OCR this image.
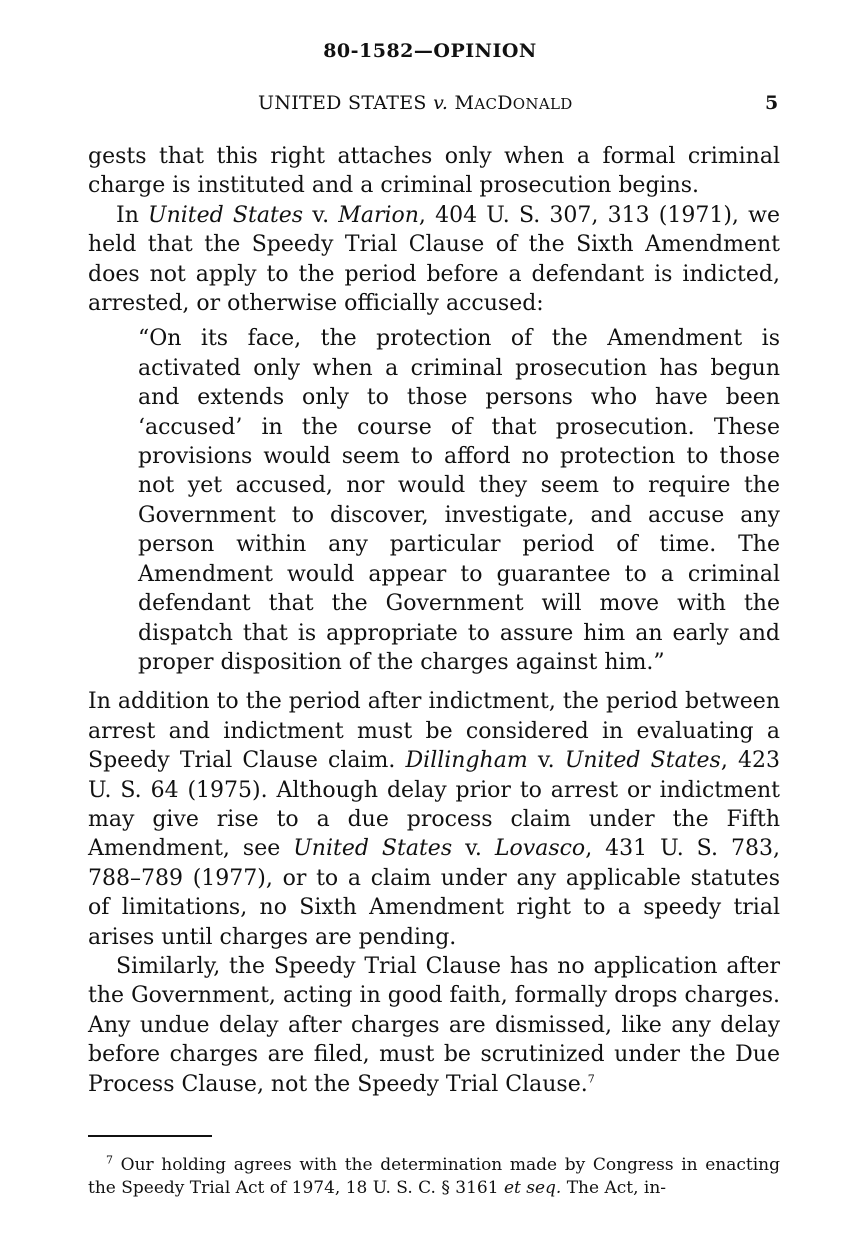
80-1582—OPINION
UNITED STATES v. MACDONALD	5

gests that this right attaches only when a formal criminal charge is instituted and a criminal prosecution begins.

In United States v. Marion, 404 U. S. 307, 313 (1971), we held that the Speedy Trial Clause of the Sixth Amendment does not apply to the period before a defendant is indicted, arrested, or otherwise officially accused:

“On its face, the protection of the Amendment is activated only when a criminal prosecution has begun and extends only to those persons who have been ‘accused’ in the course of that prosecution. These provisions would seem to afford no protection to those not yet accused, nor would they seem to require the Government to discover, investigate, and accuse any person within any particular period of time. The Amendment would appear to guarantee to a criminal defendant that the Government will move with the dispatch that is appropriate to assure him an early and proper disposition of the charges against him.”

In addition to the period after indictment, the period between arrest and indictment must be considered in evaluating a Speedy Trial Clause claim. Dillingham v. United States, 423 U. S. 64 (1975). Although delay prior to arrest or indictment may give rise to a due process claim under the Fifth Amendment, see United States v. Lovasco, 431 U. S. 783, 788–789 (1977), or to a claim under any applicable statutes of limitations, no Sixth Amendment right to a speedy trial arises until charges are pending.

Similarly, the Speedy Trial Clause has no application after the Government, acting in good faith, formally drops charges. Any undue delay after charges are dismissed, like any delay before charges are filed, must be scrutinized under the Due Process Clause, not the Speedy Trial Clause.$^7$

$^7$ Our holding agrees with the determination made by Congress in enacting the Speedy Trial Act of 1974, 18 U. S. C. § 3161 et seq. The Act, in-
